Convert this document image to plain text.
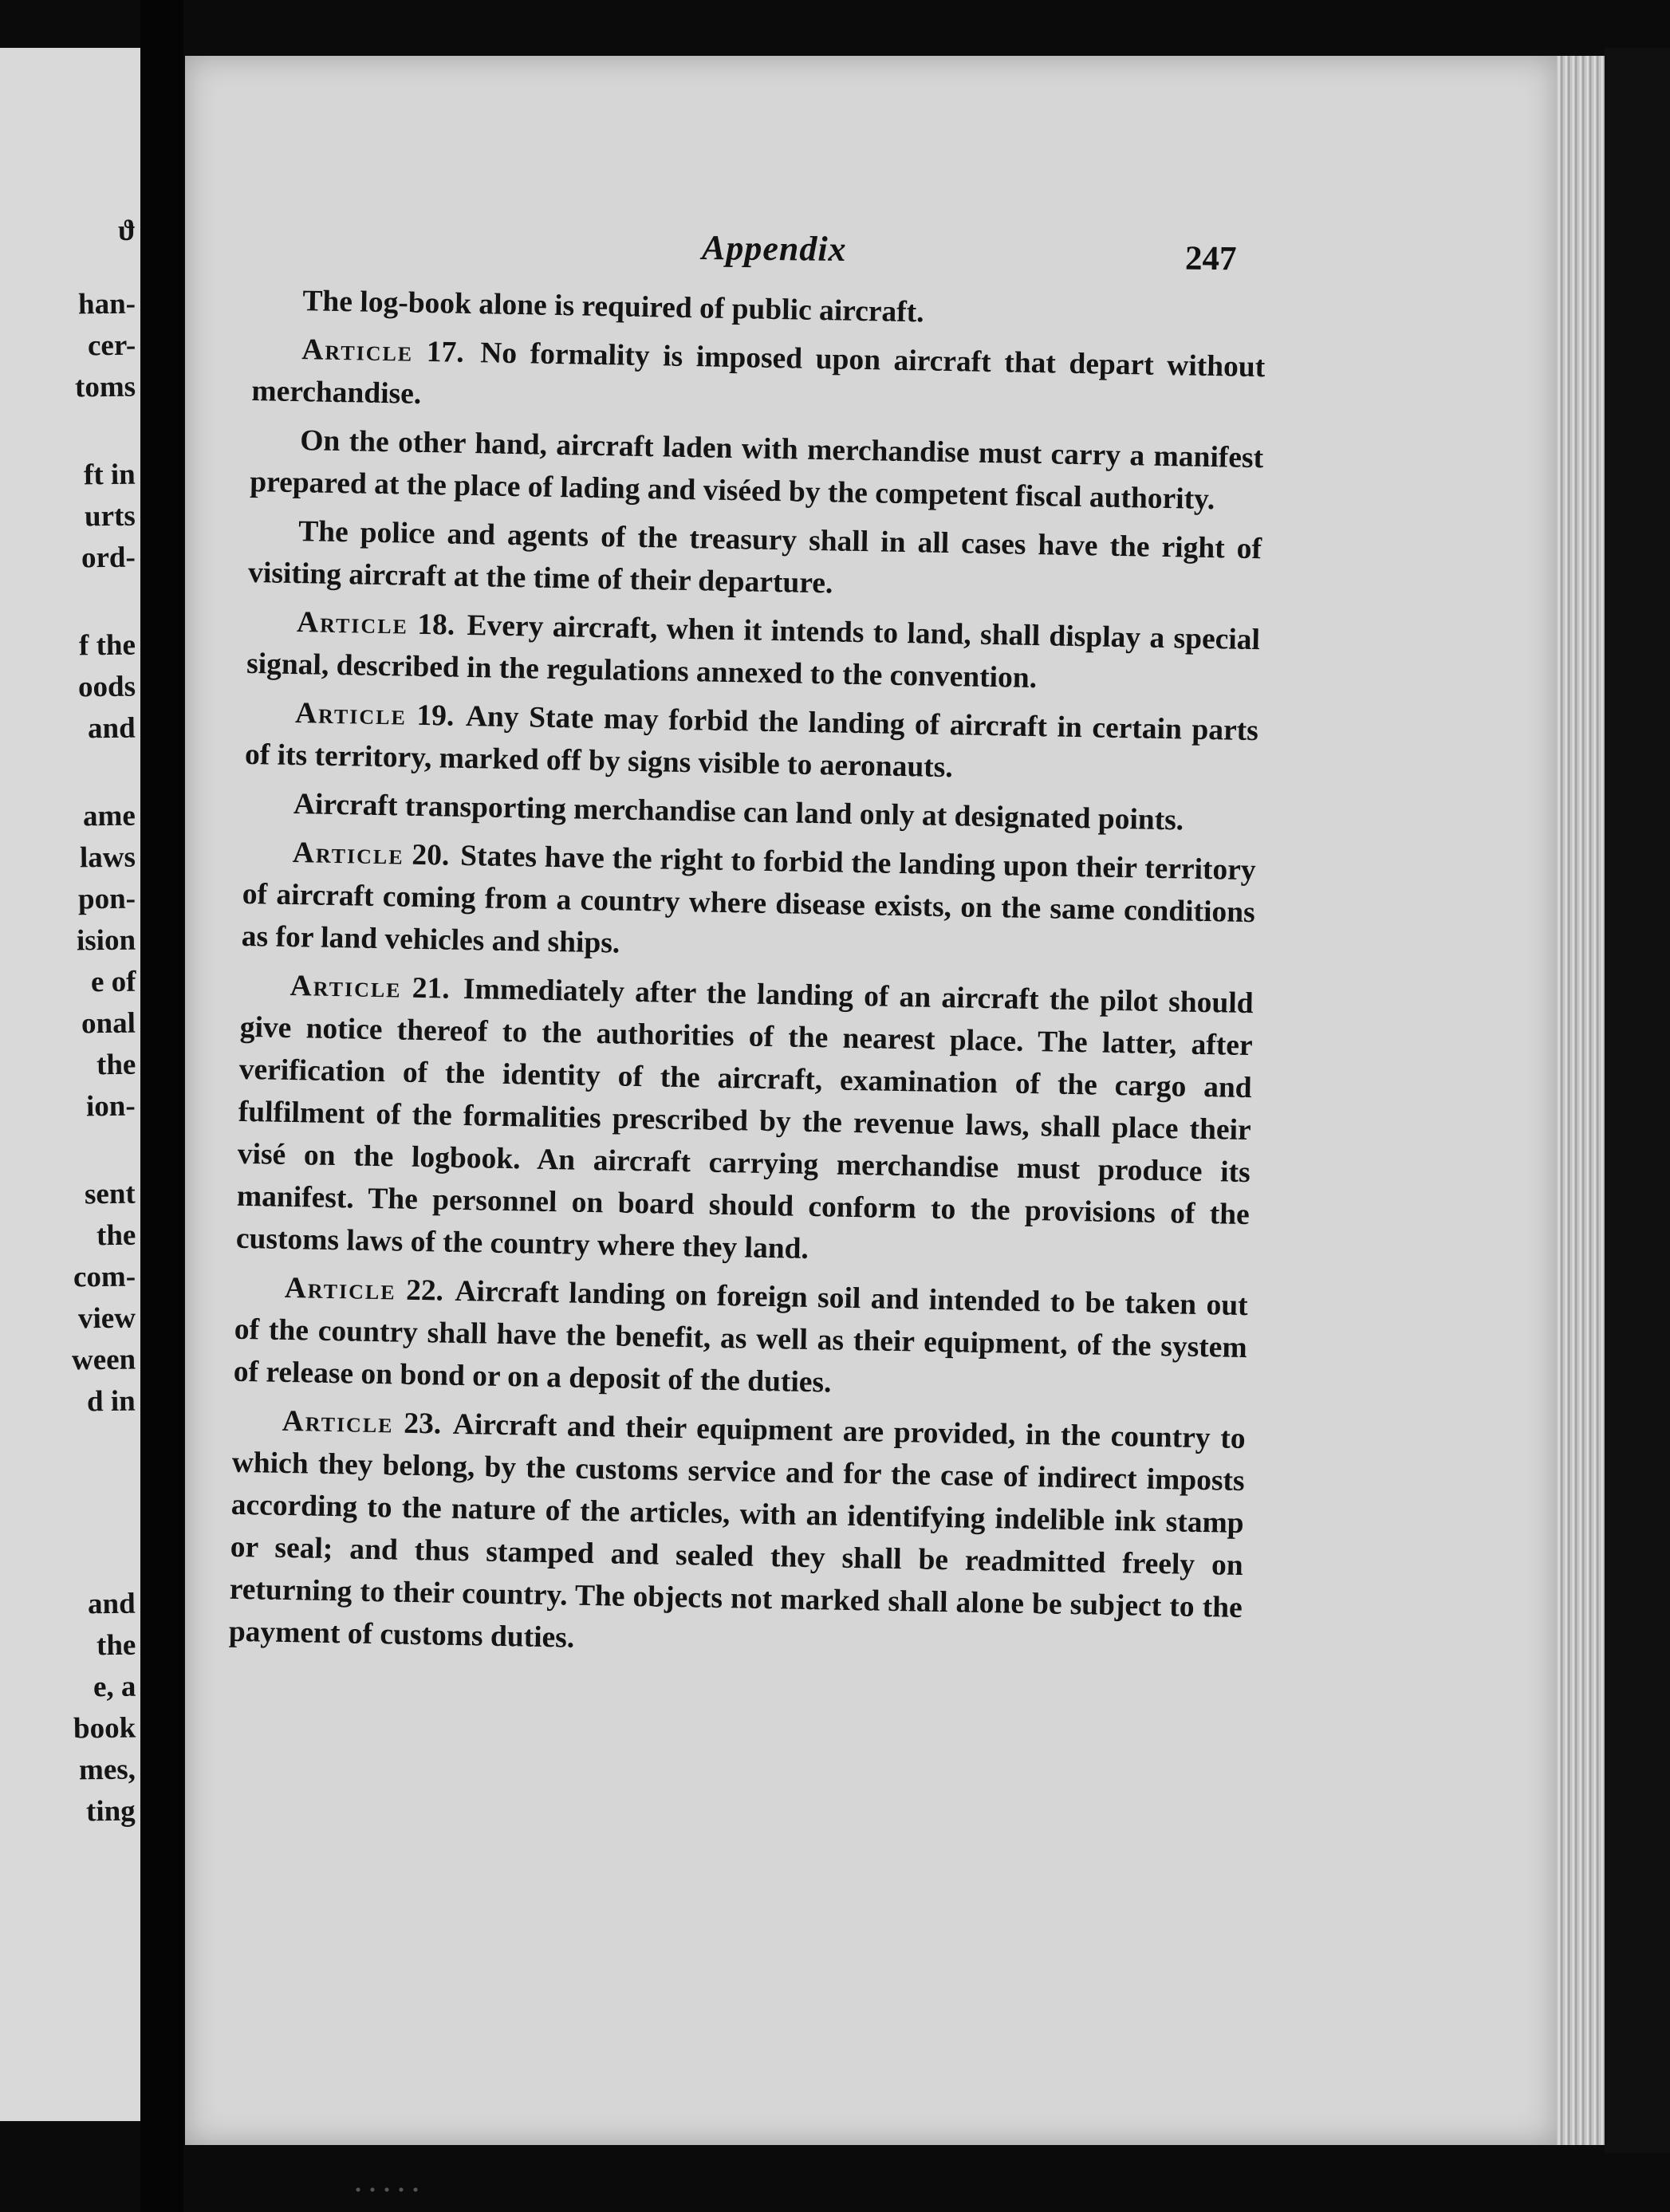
ϑ
han-
cer-
toms
ft in
urts
ord-
f the
oods
and
ame
laws
pon-
ision
e of
onal
the
ion-
sent
the
com-
view
ween
d in
and
the
e, a
book
mes,
ting
Appendix	247

The log-book alone is required of public aircraft.

Article 17. No formality is imposed upon aircraft that depart without merchandise.

On the other hand, aircraft laden with merchandise must carry a manifest prepared at the place of lading and viséed by the competent fiscal authority.

The police and agents of the treasury shall in all cases have the right of visiting aircraft at the time of their departure.

Article 18. Every aircraft, when it intends to land, shall display a special signal, described in the regulations annexed to the convention.

Article 19. Any State may forbid the landing of aircraft in certain parts of its territory, marked off by signs visible to aeronauts.

Aircraft transporting merchandise can land only at designated points.

Article 20. States have the right to forbid the landing upon their territory of aircraft coming from a country where disease exists, on the same conditions as for land vehicles and ships.

Article 21. Immediately after the landing of an aircraft the pilot should give notice thereof to the authorities of the nearest place. The latter, after verification of the identity of the aircraft, examination of the cargo and fulfilment of the formalities prescribed by the revenue laws, shall place their visé on the logbook. An aircraft carrying merchandise must produce its manifest. The personnel on board should conform to the provisions of the customs laws of the country where they land.

Article 22. Aircraft landing on foreign soil and intended to be taken out of the country shall have the benefit, as well as their equipment, of the system of release on bond or on a deposit of the duties.

Article 23. Aircraft and their equipment are provided, in the country to which they belong, by the customs service and for the case of indirect imposts according to the nature of the articles, with an identifying indelible ink stamp or seal; and thus stamped and sealed they shall be readmitted freely on returning to their country. The objects not marked shall alone be subject to the payment of customs duties.
